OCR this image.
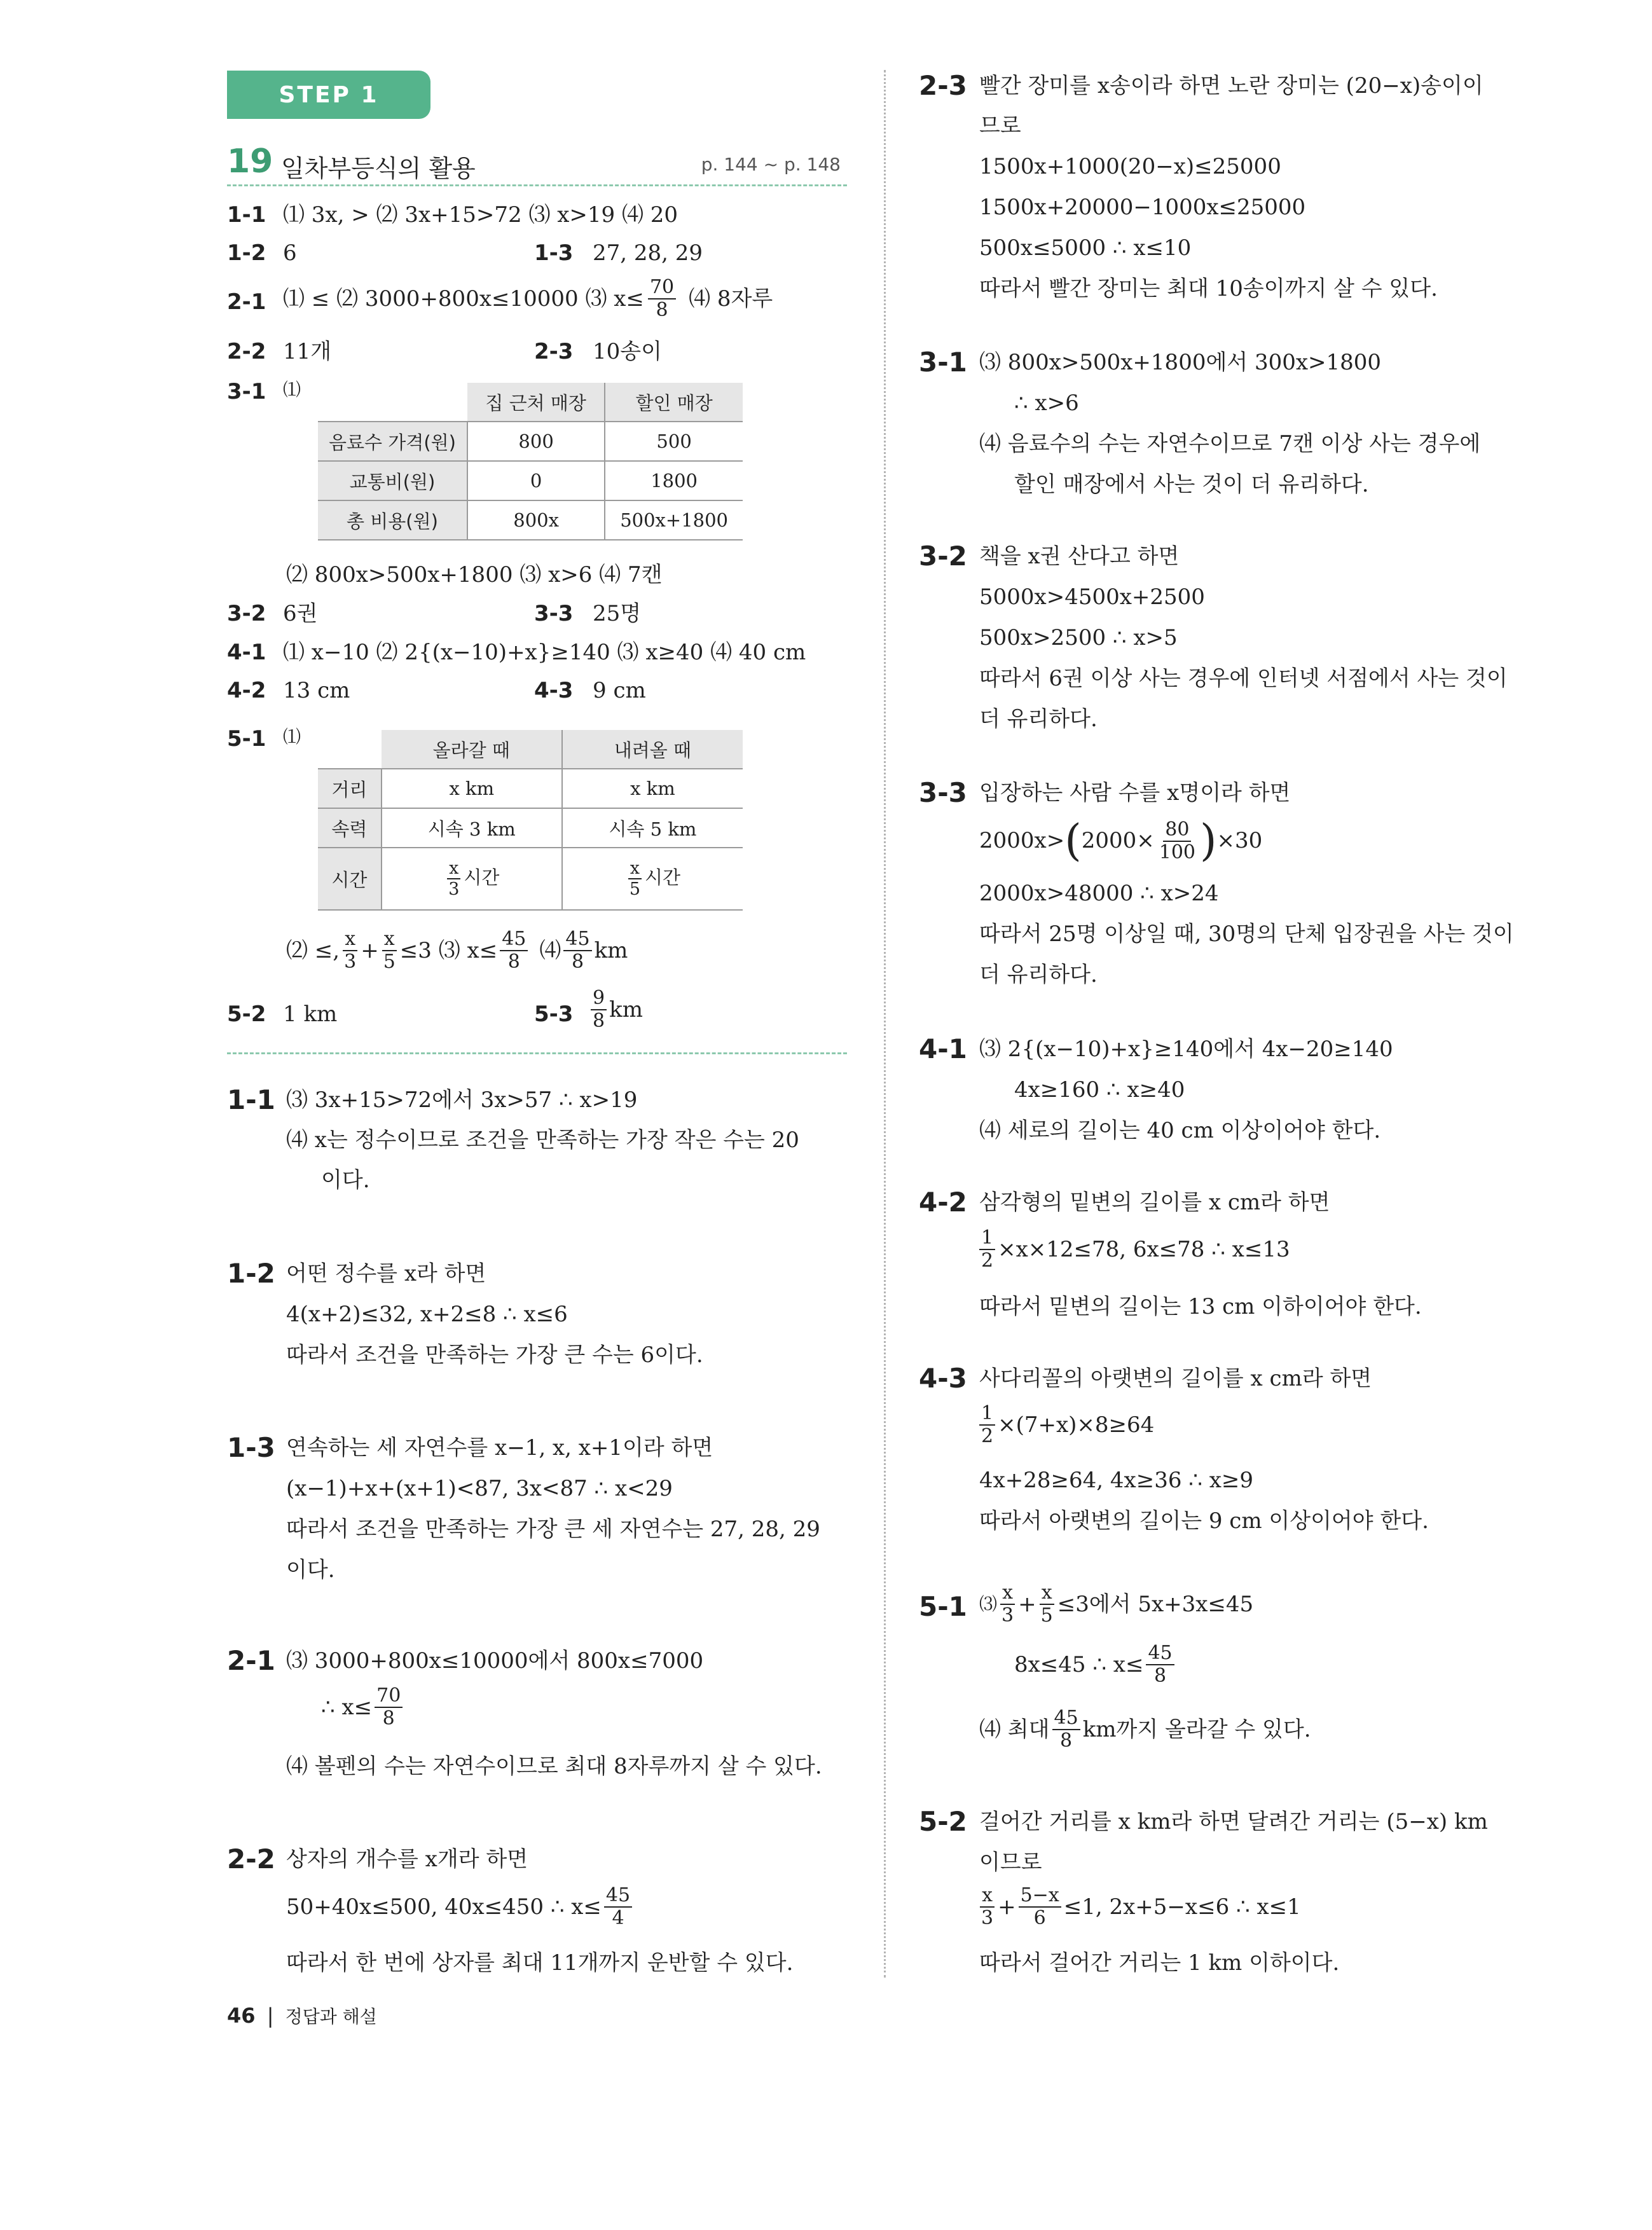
STEP 1
19 일차부등식의 활용	p. 144 ~ p. 148
1-1 ⑴ 3x, > ⑵ 3x+15>72 ⑶ x>19 ⑷ 20
1-2 6	1-3 27, 28, 29
2-1 ⑴ ≤ ⑵ 3000+800x≤10000 ⑶ $x\le \frac{70}{8}$ ⑷ 8자루
2-2 11개	2-3 10송이
3-1 ⑴
	집 근처 매장	할인 매장
음료수 가격(원)	800	500
교통비(원)	0	1800
총 비용(원)	800x	500x+1800
⑵ 800x>500x+1800 ⑶ x>6 ⑷ 7캔
3-2 6권	3-3 25명
4-1 ⑴ x−10 ⑵ 2{(x−10)+x}≥140 ⑶ x≥40 ⑷ 40 cm
4-2 13 cm	4-3 9 cm
5-1 ⑴
	올라갈 때	내려올 때
거리	x km	x km
속력	시속 3 km	시속 5 km
시간	$\frac{x}{3}$ 시간	$\frac{x}{5}$ 시간
⑵ ≤, $\frac{x}{3} + \frac{x}{5} \le 3$ ⑶ $x\le \frac{45}{8}$ ⑷ $\frac{45}{8}$ km
5-2 1 km	$5-3 \frac{9}{8}$ km
1-1 ⑶ 3x+15>72에서 3x>57 ∴ x>19
⑷ x는 정수이므로 조건을 만족하는 가장 작은 수는 20
이다.
1-2 어떤 정수를 x라 하면
4(x+2)≤32, x+2≤8 ∴ x≤6
따라서 조건을 만족하는 가장 큰 수는 6이다.
1-3 연속하는 세 자연수를 x−1, x, x+1이라 하면
(x−1)+x+(x+1)<87, 3x<87 ∴ x<29
따라서 조건을 만족하는 가장 큰 세 자연수는 27, 28, 29
이다.
2-1 ⑶ 3000+800x≤10000에서 800x≤7000
∴ $x\le \frac{70}{8}$
⑷ 볼펜의 수는 자연수이므로 최대 8자루까지 살 수 있다.
2-2 상자의 개수를 x개라 하면
50+40x≤500, 40x≤450 ∴ $x\le \frac{45}{4}$
따라서 한 번에 상자를 최대 11개까지 운반할 수 있다.
2-3 빨간 장미를 x송이라 하면 노란 장미는 (20−x)송이이
므로
1500x+1000(20−x)≤25000
1500x+20000−1000x≤25000
500x≤5000 ∴ x≤10
따라서 빨간 장미는 최대 10송이까지 살 수 있다.
3-1 ⑶ 800x>500x+1800에서 300x>1800
∴ x>6
⑷ 음료수의 수는 자연수이므로 7캔 이상 사는 경우에
할인 매장에서 사는 것이 더 유리하다.
3-2 책을 x권 산다고 하면
5000x>4500x+2500
500x>2500 ∴ x>5
따라서 6권 이상 사는 경우에 인터넷 서점에서 사는 것이
더 유리하다.
3-3 입장하는 사람 수를 x명이라 하면
2000x> ( $2000\times \frac{80}{100}$ ) ×30
2000x>48000 ∴ x>24
따라서 25명 이상일 때, 30명의 단체 입장권을 사는 것이
더 유리하다.
4-1 ⑶ 2{(x−10)+x}≥140에서 4x−20≥140
4x≥160 ∴ x≥40
⑷ 세로의 길이는 40 cm 이상이어야 한다.
4-2 삼각형의 밑변의 길이를 x cm라 하면
$\frac{1}{2} \times x\times 12\le 78$, 6x≤78 ∴ x≤13
따라서 밑변의 길이는 13 cm 이하이어야 한다.
4-3 사다리꼴의 아랫변의 길이를 x cm라 하면
$\frac{1}{2} \times(7+x)\times 8\ge 64$
4x+28≥64, 4x≥36 ∴ x≥9
따라서 아랫변의 길이는 9 cm 이상이어야 한다.
5-1 ⑶ $\frac{x}{3} + \frac{x}{5} \le 3$에서 5x+3x≤45
8x≤45 ∴ $x\le \frac{45}{8}$
⑷ 최대 $\frac{45}{8}$ km까지 올라갈 수 있다.
5-2 걸어간 거리를 x km라 하면 달려간 거리는 (5−x) km
이므로
$\frac{x}{3} + \frac{5-x}{6} \le 1$, 2x+5−x≤6 ∴ x≤1
따라서 걸어간 거리는 1 km 이하이다.
46 | 정답과 해설
